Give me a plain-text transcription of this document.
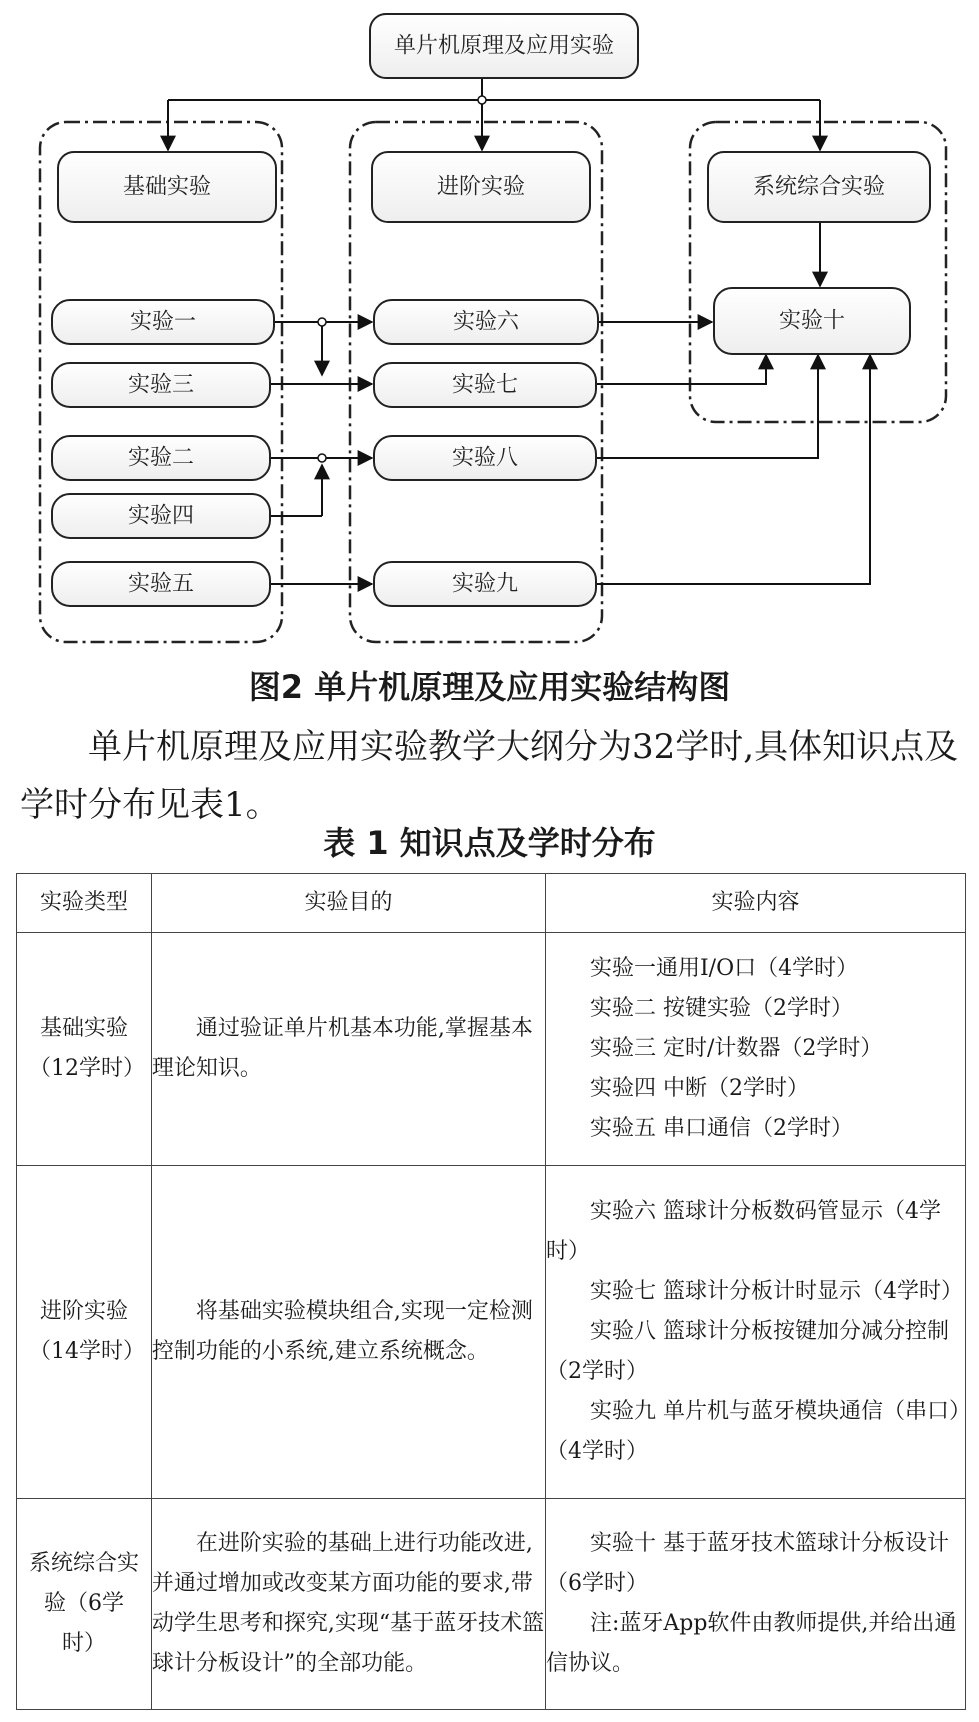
单片机原理及应用实验
基础实验	进阶实验	系统综合实验
实验一
实验三
实验二
实验四
实验五
实验六
实验七
实验八
实验九
实验十
图2 单片机原理及应用实验结构图

单片机原理及应用实验教学大纲分为32学时,具体知识点及学时分布见表1。

表 1 知识点及学时分布
实验类型	实验目的	实验内容
基础实验（12学时）	通过验证单片机基本功能,掌握基本理论知识。	实验一通用I/O口（4学时）
实验二 按键实验（2学时）
实验三 定时/计数器（2学时）
实验四 中断（2学时）
实验五 串口通信（2学时）

进阶实验（14学时）	将基础实验模块组合,实现一定检测控制功能的小系统,建立系统概念。	实验六 篮球计分板数码管显示（4学时）
实验七 篮球计分板计时显示（4学时）
实验八 篮球计分板按键加分减分控制（2学时）
实验九 单片机与蓝牙模块通信（串口）（4学时）

系统综合实验（6学时）	在进阶实验的基础上进行功能改进,并通过增加或改变某方面功能的要求,带动学生思考和探究,实现“基于蓝牙技术篮球计分板设计”的全部功能。	实验十 基于蓝牙技术篮球计分板设计（6学时）
注:蓝牙App软件由教师提供,并给出通信协议。
